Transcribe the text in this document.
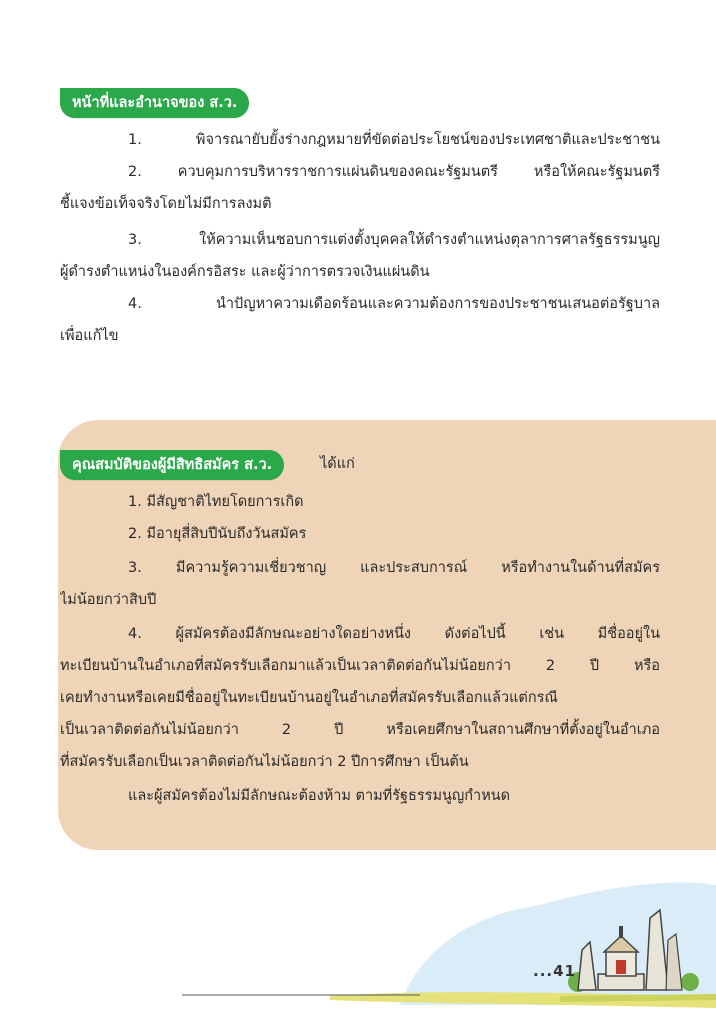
หน้าที่และอำนาจของ ส.ว.
1. พิจารณายับยั้งร่างกฎหมายที่ขัดต่อประโยชน์ของประเทศชาติและประชาชน
2. ควบคุมการบริหารราชการแผ่นดินของคณะรัฐมนตรี หรือให้คณะรัฐมนตรี
ชี้แจงข้อเท็จจริงโดยไม่มีการลงมติ
3. ให้ความเห็นชอบการแต่งตั้งบุคคลให้ดำรงตำแหน่งตุลาการศาลรัฐธรรมนูญ
ผู้ดำรงตำแหน่งในองค์กรอิสระ และผู้ว่าการตรวจเงินแผ่นดิน
4. นำปัญหาความเดือดร้อนและความต้องการของประชาชนเสนอต่อรัฐบาล
เพื่อแก้ไข
คุณสมบัติของผู้มีสิทธิสมัคร ส.ว.	ได้แก่
1. มีสัญชาติไทยโดยการเกิด
2. มีอายุสี่สิบปีนับถึงวันสมัคร
3. มีความรู้ความเชี่ยวชาญ และประสบการณ์ หรือทำงานในด้านที่สมัคร
ไม่น้อยกว่าสิบปี
4. ผู้สมัครต้องมีลักษณะอย่างใดอย่างหนึ่ง ดังต่อไปนี้ เช่น มีชื่ออยู่ใน
ทะเบียนบ้านในอำเภอที่สมัครรับเลือกมาแล้วเป็นเวลาติดต่อกันไม่น้อยกว่า 2 ปี หรือ
เคยทำงานหรือเคยมีชื่ออยู่ในทะเบียนบ้านอยู่ในอำเภอที่สมัครรับเลือกแล้วแต่กรณี
เป็นเวลาติดต่อกันไม่น้อยกว่า 2 ปี หรือเคยศึกษาในสถานศึกษาที่ตั้งอยู่ในอำเภอ
ที่สมัครรับเลือกเป็นเวลาติดต่อกันไม่น้อยกว่า 2 ปีการศึกษา เป็นต้น
และผู้สมัครต้องไม่มีลักษณะต้องห้าม ตามที่รัฐธรรมนูญกำหนด
...41
